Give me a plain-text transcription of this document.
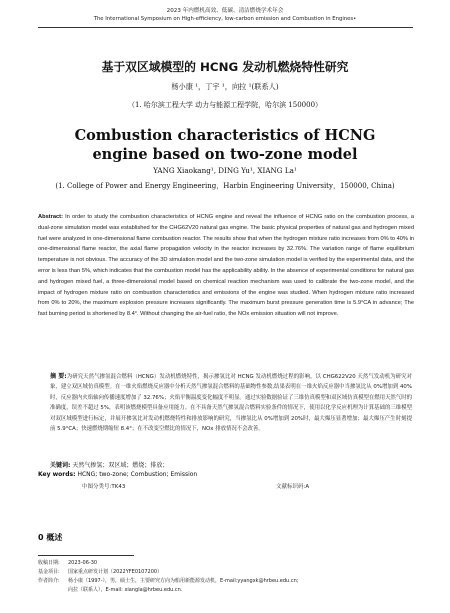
2023 年内燃机高效、低碳、清洁燃烧学术年会
The International Symposium on High-efficiency, low-carbon emission and Combustion in Engines•
基于双区域模型的 HCNG 发动机燃烧特性研究
杨小康 ¹，丁宇 ¹，向拉 ¹(联系人)
（1. 哈尔滨工程大学 动力与能源工程学院，哈尔滨 150000）
Combustion characteristics of HCNG engine based on two-zone model
YANG Xiaokang¹, DING Yu¹, XIANG La¹
(1. College of Power and Energy Engineering，Harbin Engineering University，150000, China)
Abstract: In order to study the combustion characteristics of HCNG engine and reveal the influence of HCNG ratio on the combustion process, a dual-zone simulation model was established for the CHG62V20 natural gas engine. The basic physical properties of natural gas and hydrogen mixed fuel were analyzed in one-dimensional flame combustion reactor. The results show that when the hydrogen mixture ratio increases from 0% to 40% in one-dimensional flame reactor, the axial flame propagation velocity in the reactor increases by 32.76%. The variation range of flame equilibrium temperature is not obvious. The accuracy of the 3D simulation model and the two-zone simulation model is verified by the experimental data, and the error is less than 5%, which indicates that the combustion model has the applicability ability. In the absence of experimental conditions for natural gas and hydrogen mixed fuel, a three-dimensional model based on chemical reaction mechanism was used to calibrate the two-zone model, and the impact of hydrogen mixture ratio on combustion characteristics and emissions of the engine was studied. When hydrogen mixture ratio increased from 0% to 20%, the maximum explosion pressure increases significantly. The maximum burst pressure generation time is 5.9°CA in advance; The fast burning period is shortened by 8.4°. Without changing the air-fuel ratio, the NOx emission situation will not improve.
摘 要:为研究天然气掺氢混合燃料（HCNG）发动机燃烧特性，揭示掺氢比对 HCNG 发动机燃烧过程的影响，以 CHG622V20 天然气发动机为研究对象，建立双区域仿真模型。在一维火焰燃烧反应器中分析天然气掺氢混合燃料的基础物性参数,结果表明在一维火焰反应器中当掺氢比从 0%增加到 40%时，反应器内火焰轴向传播速度增加了 32.76%；火焰平衡温度变化幅度不明显。通过实验数据验证了三维仿真模型和双区域仿真模型在燃用天然气时的准确度，误差不超过 5%，表明该燃烧模型具备应用能力。在不具备天然气掺氢混合燃料实验条件的情况下，使用以化学反应机理为计算基础的三维模型对双区域模型进行标定，并展开掺氢比对发动机燃烧特性和排放影响的研究，当掺氢比从 0%增加到 20%时，最大爆压显著增加；最大爆压产生时刻提前 5.9°CA；快速燃烧期缩短 8.4°；在不改变空燃比的情况下，NOx 排放情况不会改善。
关键词: 天然气掺氢；双区域；燃烧；排放；
Key words: HCNG; two-zone; Combustion; Emission
中图分类号:TK43	文献标识码:A
0 概述
收稿日期: 2023-06-30
基金项目: 国家重点研发计划（2022YFE0107200）
作者简介: 杨小康（1997-），男，硕士生，主要研究方向为船用新能源发动机，E-mail:yyangxk@hrbeu.edu.cn;
向拉（联系人），E-mail: xiangla@hrbeu.edu.cn.
